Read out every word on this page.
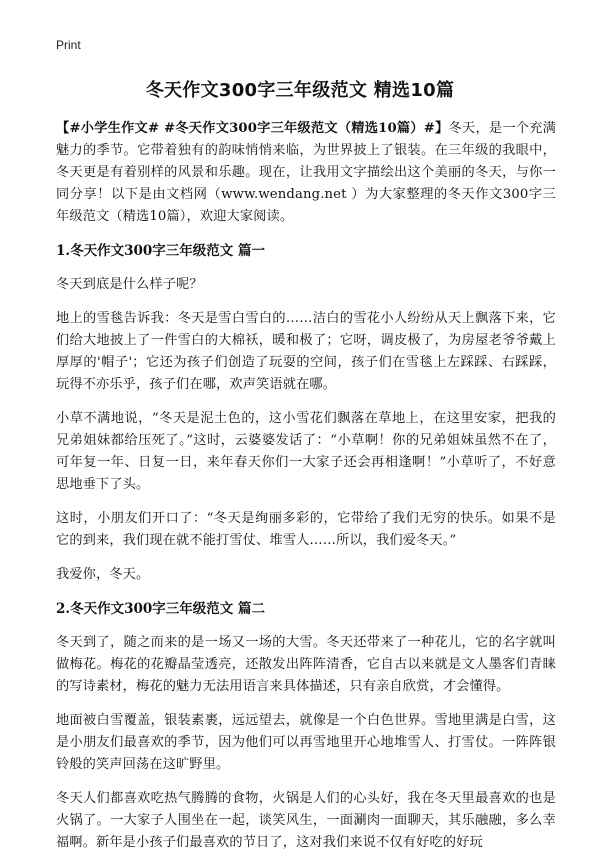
Print
冬天作文300字三年级范文 精选10篇

【#小学生作文# #冬天作文300字三年级范文（精选10篇）#】冬天，是一个充满魅力的季节。它带着独有的韵味悄悄来临，为世界披上了银装。在三年级的我眼中，冬天更是有着别样的风景和乐趣。现在，让我用文字描绘出这个美丽的冬天，与你一同分享！以下是由文档网（www.wendang.net ）为大家整理的冬天作文300字三年级范文（精选10篇），欢迎大家阅读。

1.冬天作文300字三年级范文 篇一

冬天到底是什么样子呢？

地上的雪毯告诉我：冬天是雪白雪白的……洁白的雪花小人纷纷从天上飘落下来，它们给大地披上了一件雪白的大棉袄，暖和极了；它呀，调皮极了，为房屋老爷爷戴上厚厚的'帽子'；它还为孩子们创造了玩耍的空间，孩子们在雪毯上左踩踩、右踩踩，玩得不亦乐乎，孩子们在哪，欢声笑语就在哪。

小草不满地说，“冬天是泥土色的，这小雪花们飘落在草地上，在这里安家，把我的兄弟姐妹都给压死了。”这时，云婆婆发话了：“小草啊！你的兄弟姐妹虽然不在了，可年复一年、日复一日，来年春天你们一大家子还会再相逢啊！”小草听了，不好意思地垂下了头。

这时，小朋友们开口了：“冬天是绚丽多彩的，它带给了我们无穷的快乐。如果不是它的到来，我们现在就不能打雪仗、堆雪人……所以，我们爱冬天。”

我爱你，冬天。

2.冬天作文300字三年级范文 篇二

冬天到了，随之而来的是一场又一场的大雪。冬天还带来了一种花儿，它的名字就叫做梅花。梅花的花瓣晶莹透亮，还散发出阵阵清香，它自古以来就是文人墨客们青睐的写诗素材，梅花的魅力无法用语言来具体描述，只有亲自欣赏，才会懂得。

地面被白雪覆盖，银装素裹，远远望去，就像是一个白色世界。雪地里满是白雪，这是小朋友们最喜欢的季节，因为他们可以再雪地里开心地堆雪人、打雪仗。一阵阵银铃般的笑声回荡在这旷野里。

冬天人们都喜欢吃热气腾腾的食物，火锅是人们的心头好，我在冬天里最喜欢的也是火锅了。一大家子人围坐在一起，谈笑风生，一面涮肉一面聊天，其乐融融，多么幸福啊。新年是小孩子们最喜欢的节日了，这对我们来说不仅有好吃的好玩
